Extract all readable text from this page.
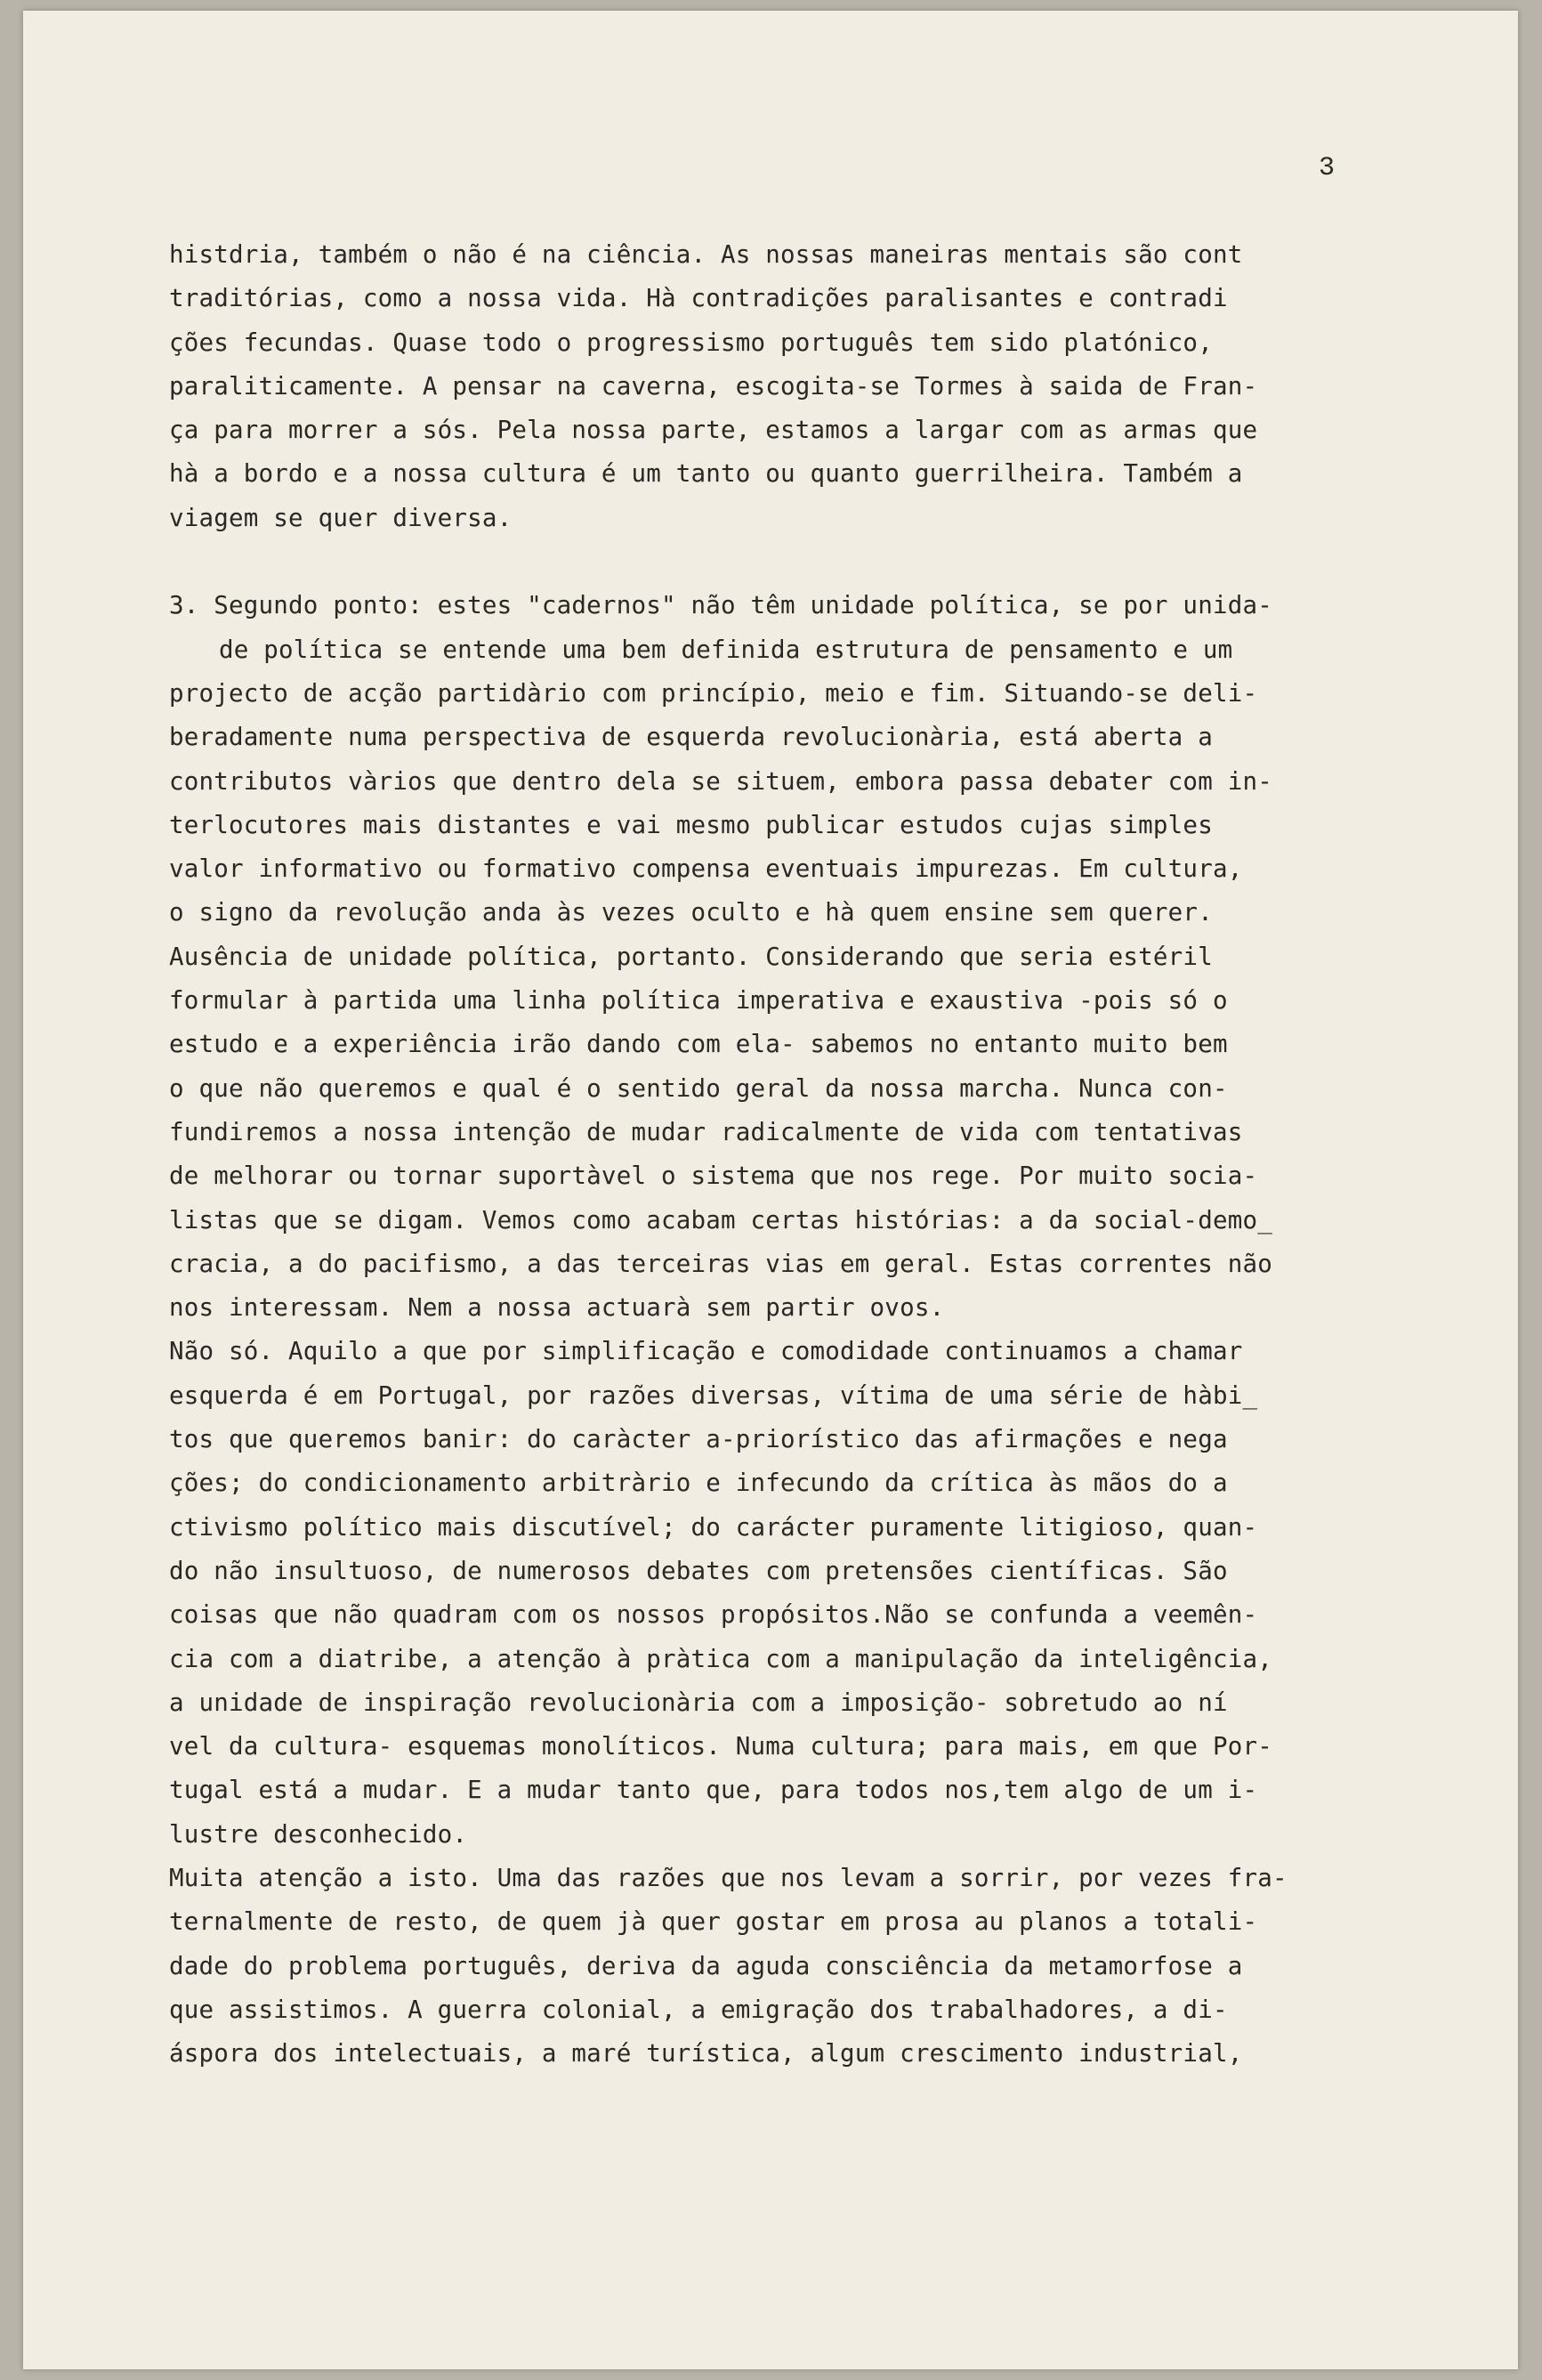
3
histdria, também o não é na ciência. As nossas maneiras mentais são cont
traditórias, como a nossa vida. Hà contradições paralisantes e contradi
ções fecundas. Quase todo o progressismo português tem sido platónico,
paraliticamente. A pensar na caverna, escogita-se Tormes à saida de Fran-
ça para morrer a sós. Pela nossa parte, estamos a largar com as armas que
hà a bordo e a nossa cultura é um tanto ou quanto guerrilheira. Também a
viagem se quer diversa.
3. Segundo ponto: estes "cadernos" não têm unidade política, se por unida-
de política se entende uma bem definida estrutura de pensamento e um
projecto de acção partidàrio com princípio, meio e fim. Situando-se deli-
beradamente numa perspectiva de esquerda revolucionària, está aberta a
contributos vàrios que dentro dela se situem, embora passa debater com in-
terlocutores mais distantes e vai mesmo publicar estudos cujas simples
valor informativo ou formativo compensa eventuais impurezas. Em cultura,
o signo da revolução anda às vezes oculto e hà quem ensine sem querer.
Ausência de unidade política, portanto. Considerando que seria estéril
formular à partida uma linha política imperativa e exaustiva -pois só o
estudo e a experiência irão dando com ela- sabemos no entanto muito bem
o que não queremos e qual é o sentido geral da nossa marcha. Nunca con-
fundiremos a nossa intenção de mudar radicalmente de vida com tentativas
de melhorar ou tornar suportàvel o sistema que nos rege. Por muito socia-
listas que se digam. Vemos como acabam certas histórias: a da social-demo_
cracia, a do pacifismo, a das terceiras vias em geral. Estas correntes não
nos interessam. Nem a nossa actuarà sem partir ovos.
Não só. Aquilo a que por simplificação e comodidade continuamos a chamar
esquerda é em Portugal, por razões diversas, vítima de uma série de hàbi_
tos que queremos banir: do caràcter a-priorístico das afirmações e nega
ções; do condicionamento arbitràrio e infecundo da crítica às mãos do a
ctivismo político mais discutível; do carácter puramente litigioso, quan-
do não insultuoso, de numerosos debates com pretensões científicas. São
coisas que não quadram com os nossos propósitos.Não se confunda a veemên-
cia com a diatribe, a atenção à pràtica com a manipulação da inteligência,
a unidade de inspiração revolucionària com a imposição- sobretudo ao ní
vel da cultura- esquemas monolíticos. Numa cultura; para mais, em que Por-
tugal está a mudar. E a mudar tanto que, para todos nos,tem algo de um i-
lustre desconhecido.
Muita atenção a isto. Uma das razões que nos levam a sorrir, por vezes fra-
ternalmente de resto, de quem jà quer gostar em prosa au planos a totali-
dade do problema português, deriva da aguda consciência da metamorfose a
que assistimos. A guerra colonial, a emigração dos trabalhadores, a di-
áspora dos intelectuais, a maré turística, algum crescimento industrial,
